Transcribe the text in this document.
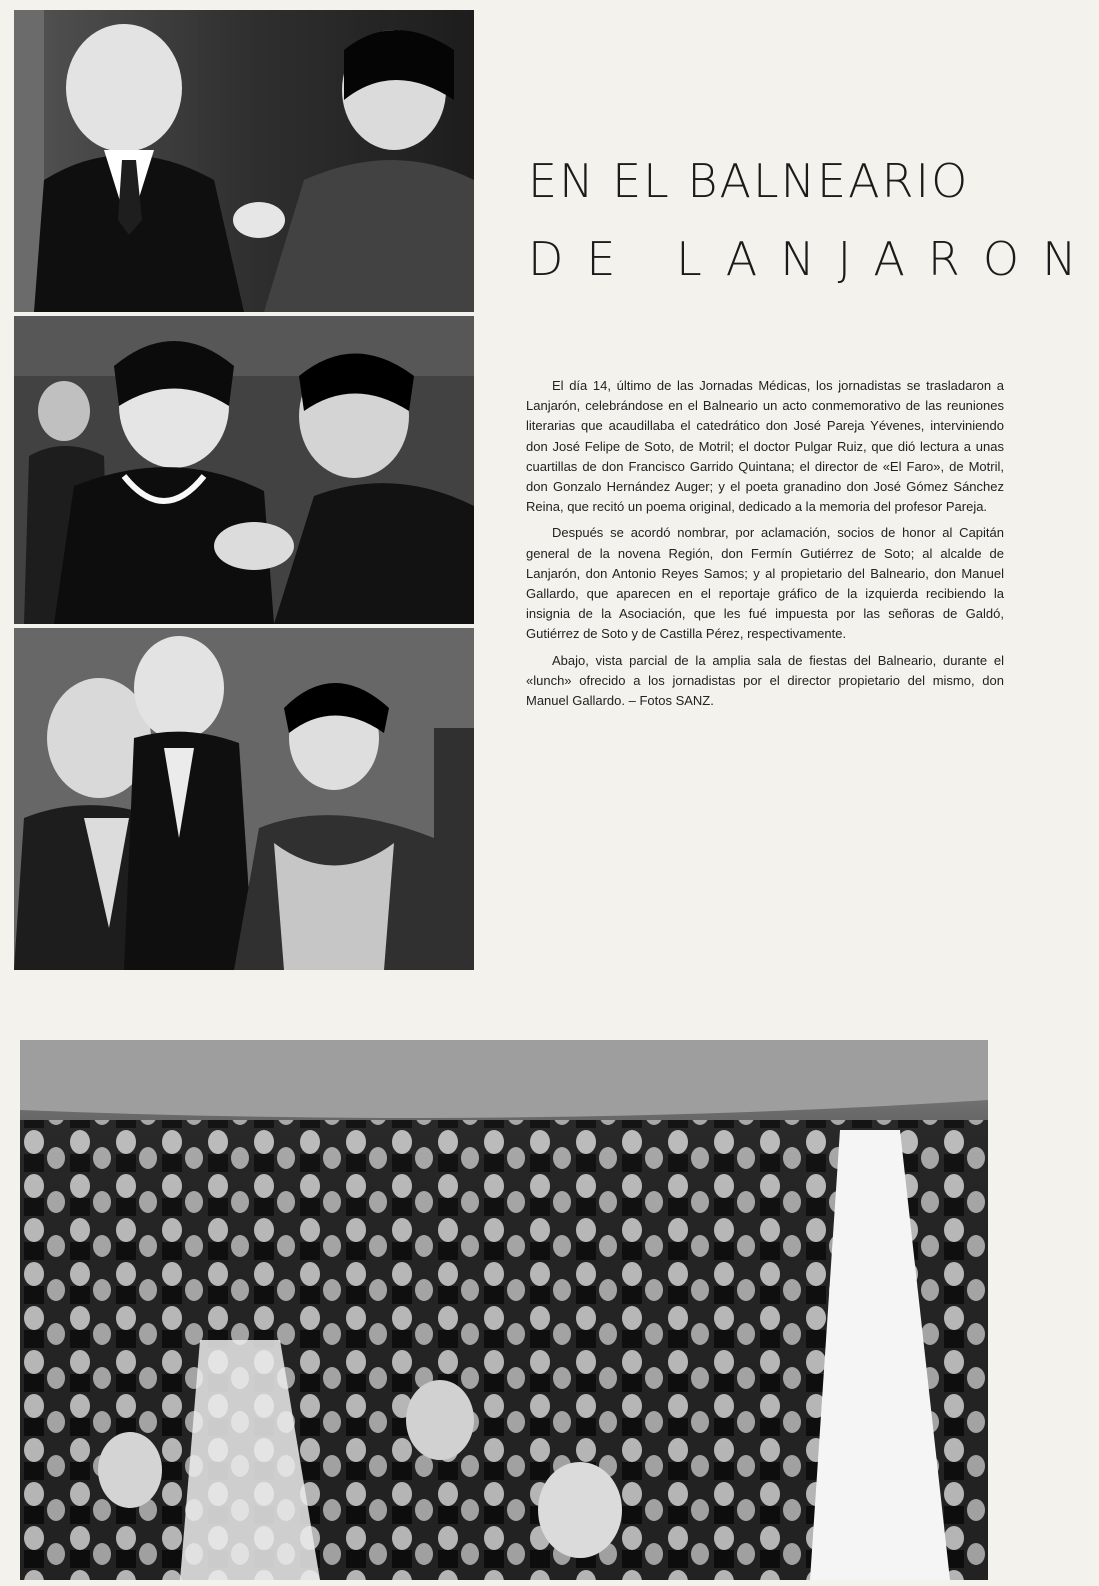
EN EL BALNEARIO
DE LANJARON

El día 14, último de las Jornadas Médicas, los jornadistas se trasladaron a Lanjarón, celebrándose en el Balneario un acto conmemorativo de las reuniones literarias que acaudillaba el catedrático don José Pareja Yévenes, interviniendo don José Felipe de Soto, de Motril; el doctor Pulgar Ruiz, que dió lectura a unas cuartillas de don Francisco Garrido Quintana; el director de «El Faro», de Motril, don Gonzalo Hernández Auger; y el poeta granadino don José Gómez Sánchez Reina, que recitó un poema original, dedicado a la memoria del profesor Pareja.

Después se acordó nombrar, por aclamación, socios de honor al Capitán general de la novena Región, don Fermín Gutiérrez de Soto; al alcalde de Lanjarón, don Antonio Reyes Samos; y al propietario del Balneario, don Manuel Gallardo, que aparecen en el reportaje gráfico de la izquierda recibiendo la insignia de la Asociación, que les fué impuesta por las señoras de Galdó, Gutiérrez de Soto y de Castilla Pérez, respectivamente.

Abajo, vista parcial de la amplia sala de fiestas del Balneario, durante el «lunch» ofrecido a los jornadistas por el director propietario del mismo, don Manuel Gallardo. – Fotos SANZ.
